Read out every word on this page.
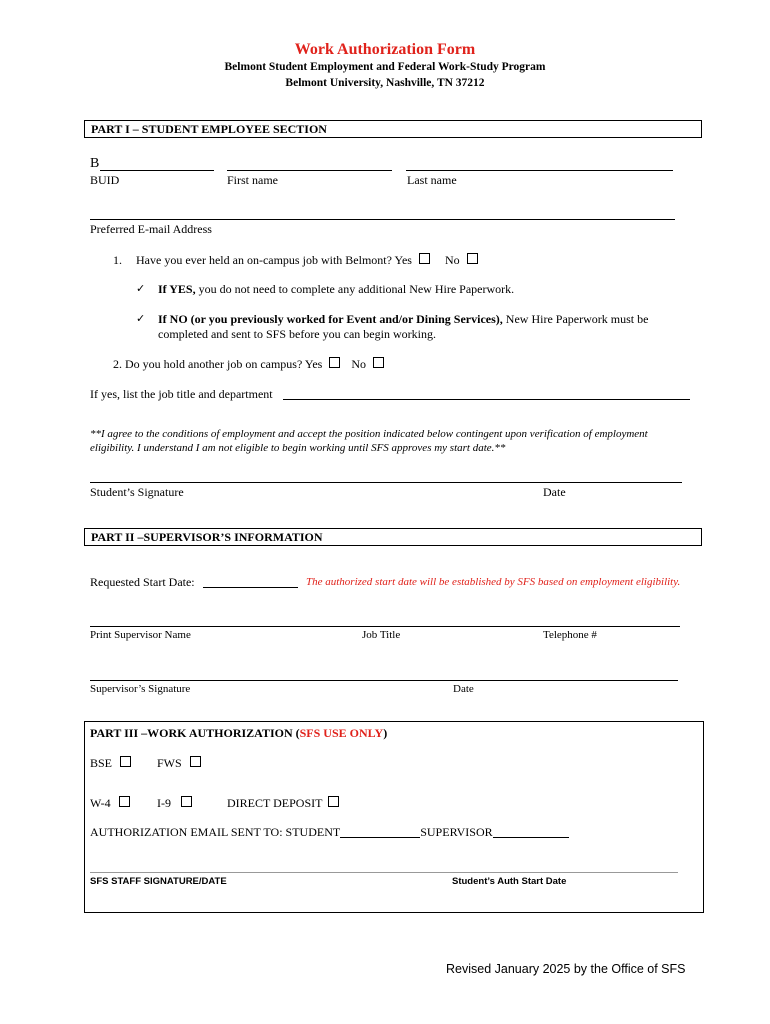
Work Authorization Form
Belmont Student Employment and Federal Work-Study Program
Belmont University, Nashville, TN 37212
PART I – STUDENT EMPLOYEE SECTION
B
BUID	First name	Last name
Preferred E-mail Address
1. Have you ever held an on-campus job with Belmont? Yes	No
✓ If YES, you do not need to complete any additional New Hire Paperwork.
✓ If NO (or you previously worked for Event and/or Dining Services), New Hire Paperwork must be
completed and sent to SFS before you can begin working.
2. Do you hold another job on campus? Yes No
If yes, list the job title and department
**I agree to the conditions of employment and accept the position indicated below contingent upon verification of employment
eligibility. I understand I am not eligible to begin working until SFS approves my start date.**
Student’s Signature	Date
PART II –SUPERVISOR’S INFORMATION
Requested Start Date:	The authorized start date will be established by SFS based on employment eligibility.
Print Supervisor Name	Job Title	Telephone #
Supervisor’s Signature	Date
PART III –WORK AUTHORIZATION (SFS USE ONLY)
BSE	FWS
W-4	I-9	DIRECT DEPOSIT
AUTHORIZATION EMAIL SENT TO: STUDENT	SUPERVISOR
SFS STAFF SIGNATURE/DATE	Student’s Auth Start Date
Revised January 2025 by the Office of SFS
